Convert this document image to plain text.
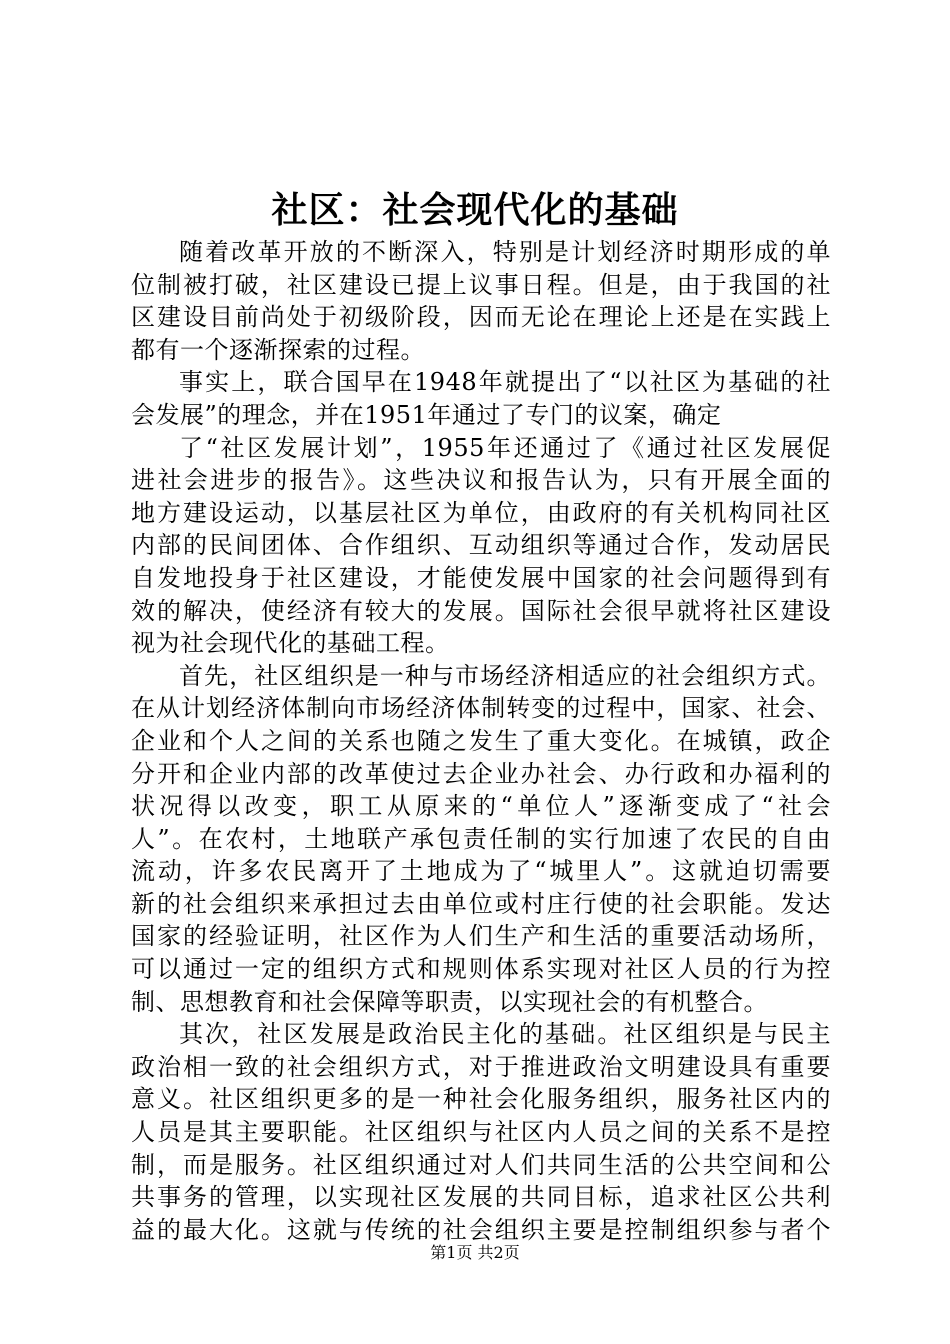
社区：社会现代化的基础
随着改革开放的不断深入，特别是计划经济时期形成的单
位制被打破，社区建设已提上议事日程。但是，由于我国的社
区建设目前尚处于初级阶段，因而无论在理论上还是在实践上
都有一个逐渐探索的过程。
事实上，联合国早在1948年就提出了“以社区为基础的社
会发展”的理念，并在1951年通过了专门的议案，确定
了“社区发展计划”，1955年还通过了《通过社区发展促
进社会进步的报告》。这些决议和报告认为，只有开展全面的
地方建设运动，以基层社区为单位，由政府的有关机构同社区
内部的民间团体、合作组织、互动组织等通过合作，发动居民
自发地投身于社区建设，才能使发展中国家的社会问题得到有
效的解决，使经济有较大的发展。国际社会很早就将社区建设
视为社会现代化的基础工程。
首先，社区组织是一种与市场经济相适应的社会组织方式。
在从计划经济体制向市场经济体制转变的过程中，国家、社会、
企业和个人之间的关系也随之发生了重大变化。在城镇，政企
分开和企业内部的改革使过去企业办社会、办行政和办福利的
状况得以改变，职工从原来的“单位人”逐渐变成了“社会
人”。在农村，土地联产承包责任制的实行加速了农民的自由
流动，许多农民离开了土地成为了“城里人”。这就迫切需要
新的社会组织来承担过去由单位或村庄行使的社会职能。发达
国家的经验证明，社区作为人们生产和生活的重要活动场所，
可以通过一定的组织方式和规则体系实现对社区人员的行为控
制、思想教育和社会保障等职责，以实现社会的有机整合。
其次，社区发展是政治民主化的基础。社区组织是与民主
政治相一致的社会组织方式，对于推进政治文明建设具有重要
意义。社区组织更多的是一种社会化服务组织，服务社区内的
人员是其主要职能。社区组织与社区内人员之间的关系不是控
制，而是服务。社区组织通过对人们共同生活的公共空间和公
共事务的管理，以实现社区发展的共同目标，追求社区公共利
益的最大化。这就与传统的社会组织主要是控制组织参与者个
第1页 共2页
